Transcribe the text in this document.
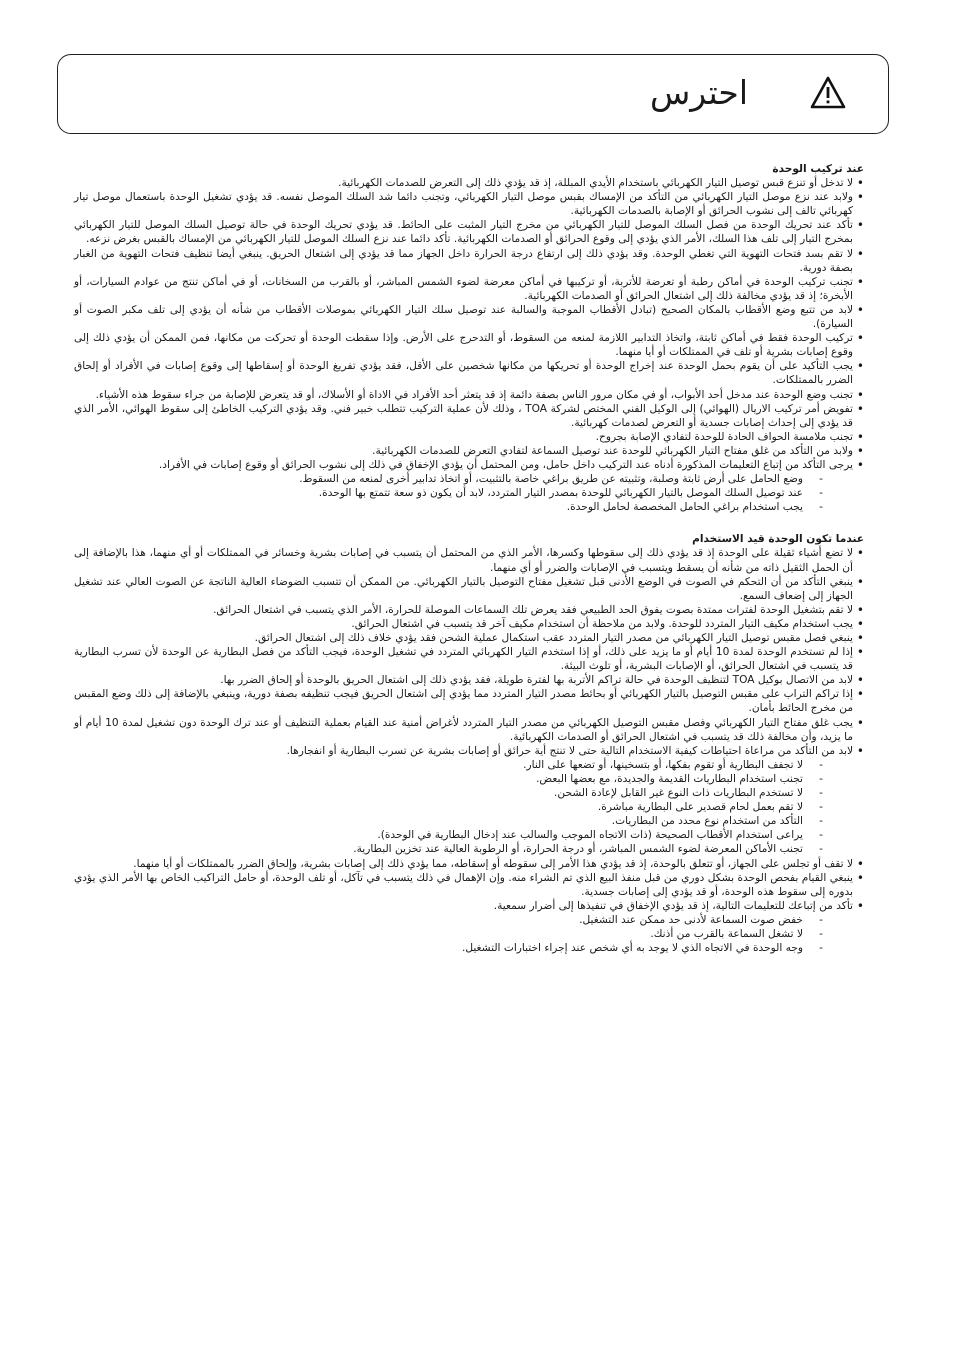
احترس
عند تركيب الوحدة
• لا تدخل أو تنزع قبس توصيل التيار الكهربائي باستخدام الأيدي المبللة، إذ قد يؤدي ذلك إلى التعرض للصدمات الكهربائية.
• ولابد عند نزع موصل التيار الكهربائي من التأكد من الإمساك بقبس موصل التيار الكهربائي، وتجنب دائما شد السلك الموصل نفسه. قد يؤدي تشغيل الوحدة باستعمال موصل تيار كهربائي تالف إلى نشوب الحرائق أو الإصابة بالصدمات الكهربائية.
• تأكد عند تحريك الوحدة من فصل السلك الموصل للتيار الكهربائي من مخرج التيار المثبت على الحائط. قد يؤدي تحريك الوحدة في حالة توصيل السلك الموصل للتيار الكهربائي بمخرج التيار إلى تلف هذا السلك، الأمر الذي يؤدي إلى وقوع الحرائق أو الصدمات الكهربائية. تأكد دائما عند نزع السلك الموصل للتيار الكهربائي من الإمساك بالقبس بغرض نزعه.
• لا تقم بسد فتحات التهوية التي تغطي الوحدة. وقد يؤدي ذلك إلى ارتفاع درجة الحرارة داخل الجهاز مما قد يؤدي إلى اشتعال الحريق. ينبغي أيضا تنظيف فتحات التهوية من الغبار بصفة دورية.
• تجنب تركيب الوحدة في أماكن رطبة أو تعرضة للأتربة، أو تركيبها في أماكن معرضة لضوء الشمس المباشر، أو بالقرب من السخانات، أو في أماكن تنتج من عوادم السيارات، أو الأبخرة؛ إذ قد يؤدي مخالفة ذلك إلى اشتعال الحرائق أو الصدمات الكهربائية.
• لابد من تتبع وضع الأقطاب بالمكان الصحيح (تبادل الأقطاب الموجبة والسالبة عند توصيل سلك التيار الكهربائي بموصلات الأقطاب من شأنه أن يؤدي إلى تلف مكبر الصوت أو السيارة).
• تركيب الوحدة فقط في أماكن ثابتة، واتخاذ التدابير اللازمة لمنعه من السقوط، أو التدحرج على الأرض. وإذا سقطت الوحدة أو تحركت من مكانها، فمن الممكن أن يؤدي ذلك إلى وقوع إصابات بشرية أو تلف في الممتلكات أو أيا منهما.
• يجب التأكيد على أن يقوم بحمل الوحدة عند إخراج الوحدة أو تحريكها من مكانها شخصين على الأقل، فقد يؤدي تفريغ الوحدة أو إسقاطها إلى وقوع إصابات في الأفراد أو إلحاق الضرر بالممتلكات.
• تجنب وضع الوحدة عند مدخل أحد الأبواب، أو في مكان مرور الناس بصفة دائمة إذ قد يتعثر أحد الأفراد في الاداة أو الأسلاك، أو قد يتعرض للإصابة من جراء سقوط هذه الأشياء.
• تفويض أمر تركيب الاريال (الهوائي) إلى الوكيل الفني المختص لشركة TOA ، وذلك لأن عملية التركيب تتطلب خبير فني. وقد يؤدي التركيب الخاطئ إلى سقوط الهوائي، الأمر الذي قد يؤدي إلى إحداث إصابات جسدية أو التعرض لصدمات كهربائية.
• تجنب ملامسة الحواف الحادة للوحدة لتفادي الإصابة بجروح.
• ولابد من التأكد من غلق مفتاح التيار الكهربائي للوحدة عند توصيل السماعة لتفادي التعرض للصدمات الكهربائية.
• يرجى التأكد من إتباع التعليمات المذكورة أدناه عند التركيب داخل حامل، ومن المحتمل أن يؤدي الإخفاق في ذلك إلى نشوب الحرائق أو وقوع إصابات في الأفراد.
- وضع الحامل على أرض ثابتة وصلبة، وتثبيته عن طريق براغي خاصة بالتثبيت، أو اتخاذ تدابير أخرى لمنعه من السقوط.
- عند توصيل السلك الموصل بالتيار الكهربائي للوحدة بمصدر التيار المتردد، لابد أن يكون ذو سعة تتمتع بها الوحدة.
- يجب استخدام براغي الحامل المخصصة لحامل الوحدة.
عندما تكون الوحدة قيد الاستخدام
• لا تضع أشياء ثقيلة على الوحدة إذ قد يؤدي ذلك إلى سقوطها وكسرها، الأمر الذي من المحتمل أن يتسبب في إصابات بشرية وخسائر في الممتلكات أو أي منهما، هذا بالإضافة إلى أن الحمل الثقيل ذاته من شأنه أن يسقط ويتسبب في الإصابات والضرر أو أي منهما.
• ينبغي التأكد من أن التحكم في الصوت في الوضع الأدنى قبل تشغيل مفتاح التوصيل بالتيار الكهربائي. من الممكن أن تتسبب الضوضاء العالية الناتجة عن الصوت العالي عند تشغيل الجهاز إلى إضعاف السمع.
• لا تقم بتشغيل الوحدة لفترات ممتدة بصوت يفوق الحد الطبيعي فقد يعرض تلك السماعات الموصلة للحرارة، الأمر الذي يتسبب في اشتعال الحرائق.
• يجب استخدام مكيف التيار المتردد للوحدة. ولابد من ملاحظة أن استخدام مكيف آخر قد يتسبب في اشتعال الحرائق.
• ينبغي فصل مقبس توصيل التيار الكهربائي من مصدر التيار المتردد عقب استكمال عملية الشحن فقد يؤدي خلاف ذلك إلى اشتعال الحرائق.
• إذا لم تستخدم الوحدة لمدة 10 أيام أو ما يزيد على ذلك، أو إذا استخدم التيار الكهربائي المتردد في تشغيل الوحدة، فيجب التأكد من فصل البطارية عن الوحدة لأن تسرب البطارية قد يتسبب في اشتعال الحرائق، أو الإصابات البشرية، أو تلوث البيئة.
• لابد من الاتصال بوكيل TOA لتنظيف الوحدة في حالة تراكم الأتربة بها لفترة طويلة، فقد يؤدي ذلك إلى اشتعال الحريق بالوحدة أو إلحاق الضرر بها.
• إذا تراكم التراب على مقبس التوصيل بالتيار الكهربائي أو بحائط مصدر التيار المتردد مما يؤدي إلى اشتعال الحريق فيجب تنظيفه بصفة دورية، وينبغي بالإضافة إلى ذلك وضع المقبس من مخرج الحائط بأمان.
• يجب غلق مفتاح التيار الكهربائي وفصل مقبس التوصيل الكهربائي من مصدر التيار المتردد لأغراض أمنية عند القيام بعملية التنظيف أو عند ترك الوحدة دون تشغيل لمدة 10 أيام أو ما يزيد، وأن مخالفة ذلك قد يتسبب في اشتعال الحرائق أو الصدمات الكهربائية.
• لابد من التأكد من مراعاة احتياطات كيفية الاستخدام التالية حتى لا تنتج أية حرائق أو إصابات بشرية عن تسرب البطارية أو انفجارها.
- لا تجفف البطارية أو تقوم بفكها، أو بتسخينها، أو تضعها على النار.
- تجنب استخدام البطاريات القديمة والجديدة، مع بعضها البعض.
- لا تستخدم البطاريات ذات النوع غير القابل لإعادة الشحن.
- لا تقم بعمل لحام قصدير على البطارية مباشرة.
- التأكد من استخدام نوع محدد من البطاريات.
- يراعى استخدام الأقطاب الصحيحة (ذات الاتجاه الموجب والسالب عند إدخال البطارية في الوحدة).
- تجنب الأماكن المعرضة لضوء الشمس المباشر، أو درجة الحرارة، أو الرطوبة العالية عند تخزين البطارية.
• لا تقف أو تجلس على الجهاز، أو تتعلق بالوحدة، إذ قد يؤدي هذا الأمر إلى سقوطه أو إسقاطه، مما يؤدي ذلك إلى إصابات بشرية، وإلحاق الضرر بالممتلكات أو أيا منهما.
• ينبغي القيام بفحص الوحدة بشكل دوري من قبل منفذ البيع الذي تم الشراء منه. وإن الإهمال في ذلك يتسبب في تآكل، أو تلف الوحدة، أو حامل التراكيب الخاص بها الأمر الذي يؤدي بدوره إلى سقوط هذه الوحدة، أو قد يؤدي إلى إصابات جسدية.
• تأكد من إتباعك للتعليمات التالية، إذ قد يؤدي الإخفاق في تنفيذها إلى أضرار سمعية.
- خفض صوت السماعة لأدنى حد ممكن عند التشغيل.
- لا تشغل السماعة بالقرب من أذنك.
- وجه الوحدة في الاتجاه الذي لا يوجد به أي شخص عند إجراء اختبارات التشغيل.
